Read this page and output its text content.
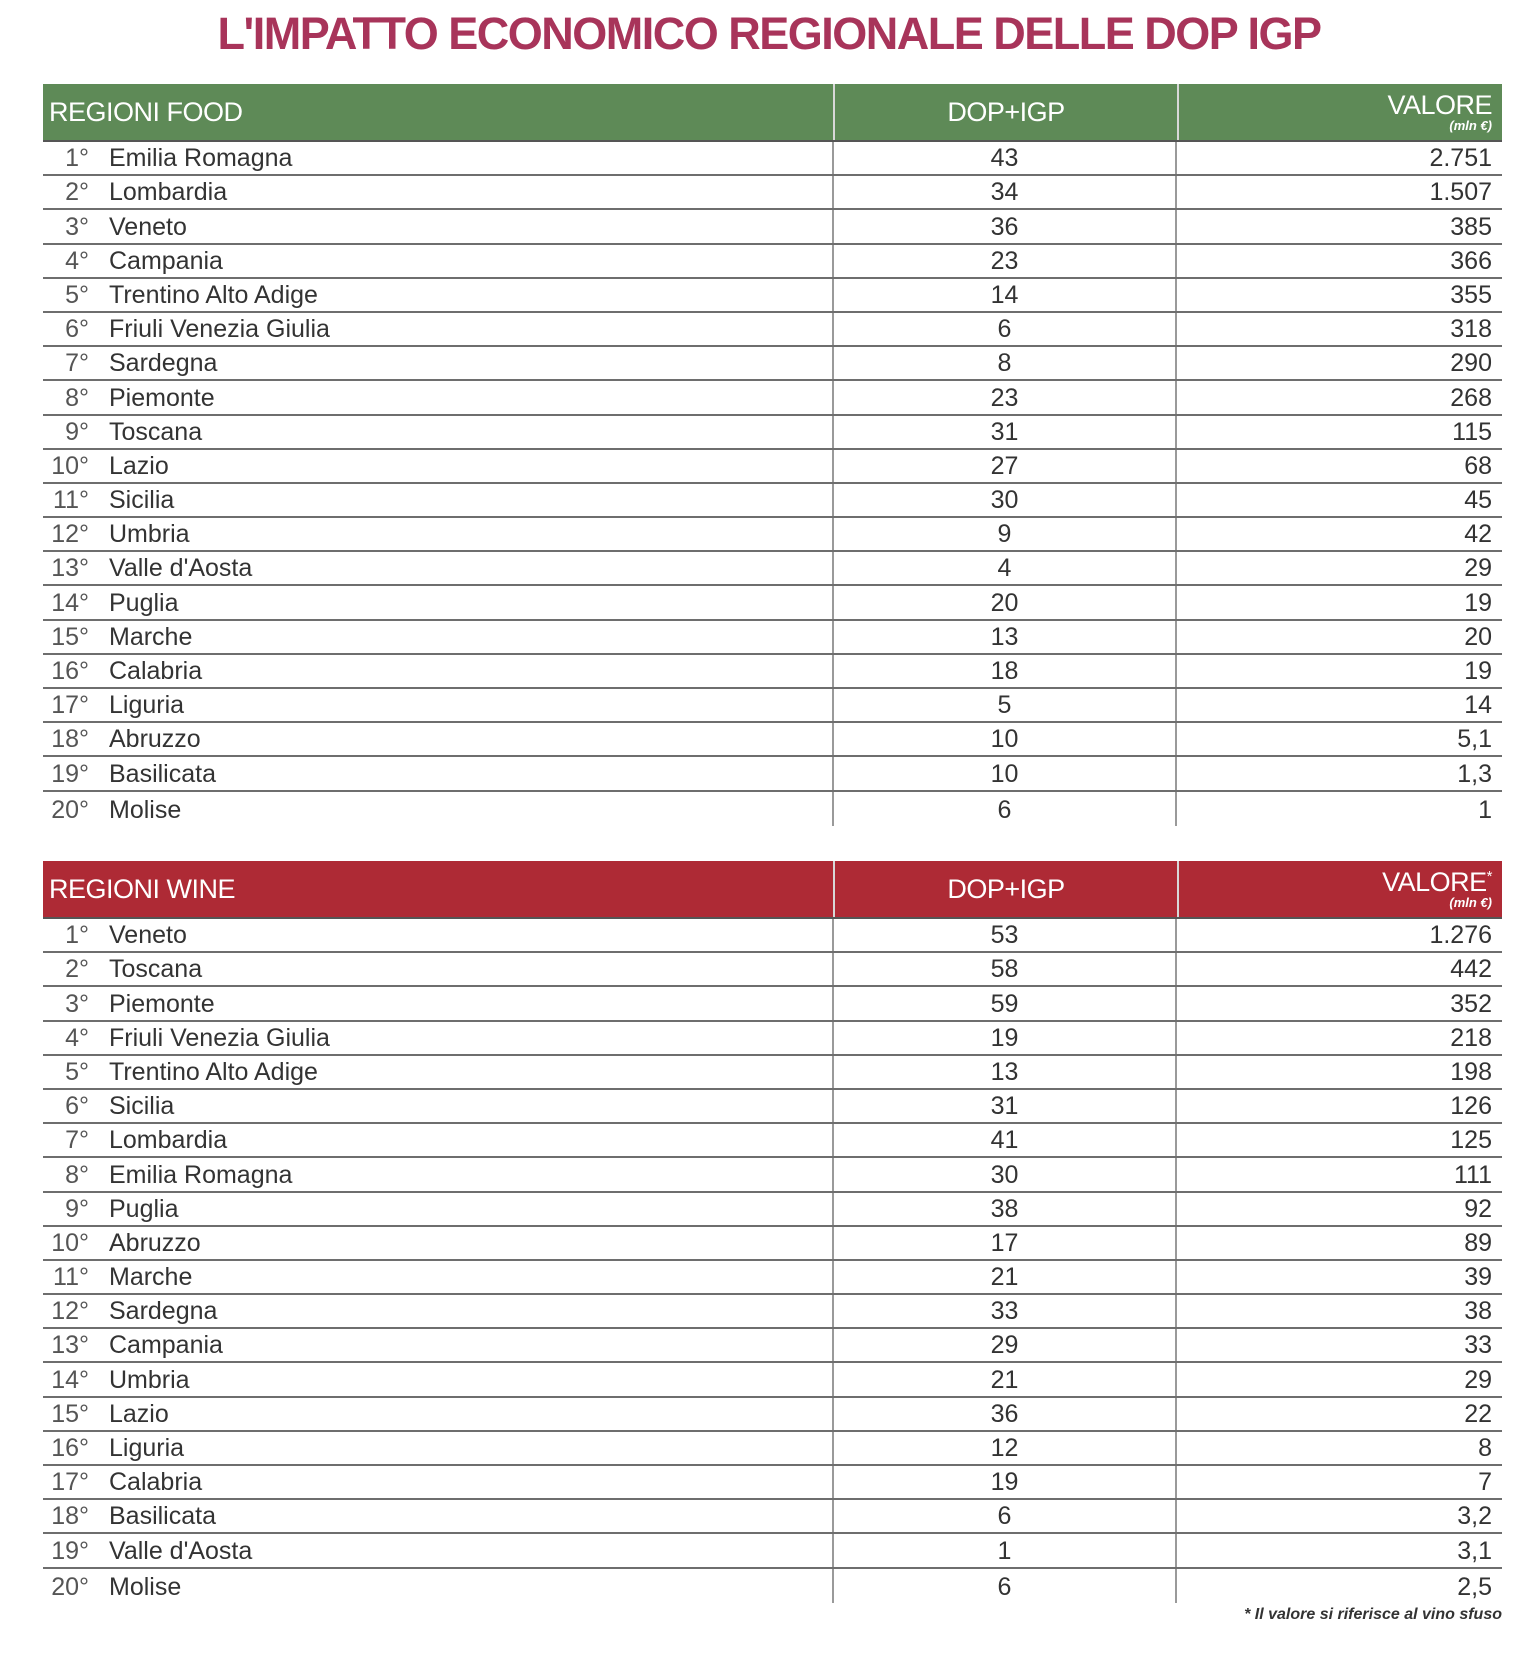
L'IMPATTO ECONOMICO REGIONALE DELLE DOP IGP
REGIONI FOOD	DOP+IGP	VALORE
(mln €)
1° Emilia Romagna	43	2.751
2° Lombardia	34	1.507
3° Veneto	36	385
4° Campania	23	366
5° Trentino Alto Adige	14	355
6° Friuli Venezia Giulia	6	318
7° Sardegna	8	290
8° Piemonte	23	268
9° Toscana	31	115
10° Lazio	27	68
11° Sicilia	30	45
12° Umbria	9	42
13° Valle d'Aosta	4	29
14° Puglia	20	19
15° Marche	13	20
16° Calabria	18	19
17° Liguria	5	14
18° Abruzzo	10	5,1
19° Basilicata	10	1,3
20° Molise	6	1
REGIONI WINE	DOP+IGP	VALORE*
(mln €)
1° Veneto	53	1.276
2° Toscana	58	442
3° Piemonte	59	352
4° Friuli Venezia Giulia	19	218
5° Trentino Alto Adige	13	198
6° Sicilia	31	126
7° Lombardia	41	125
8° Emilia Romagna	30	111
9° Puglia	38	92
10° Abruzzo	17	89
11° Marche	21	39
12° Sardegna	33	38
13° Campania	29	33
14° Umbria	21	29
15° Lazio	36	22
16° Liguria	12	8
17° Calabria	19	7
18° Basilicata	6	3,2
19° Valle d'Aosta	1	3,1
20° Molise	6	2,5
* Il valore si riferisce al vino sfuso
